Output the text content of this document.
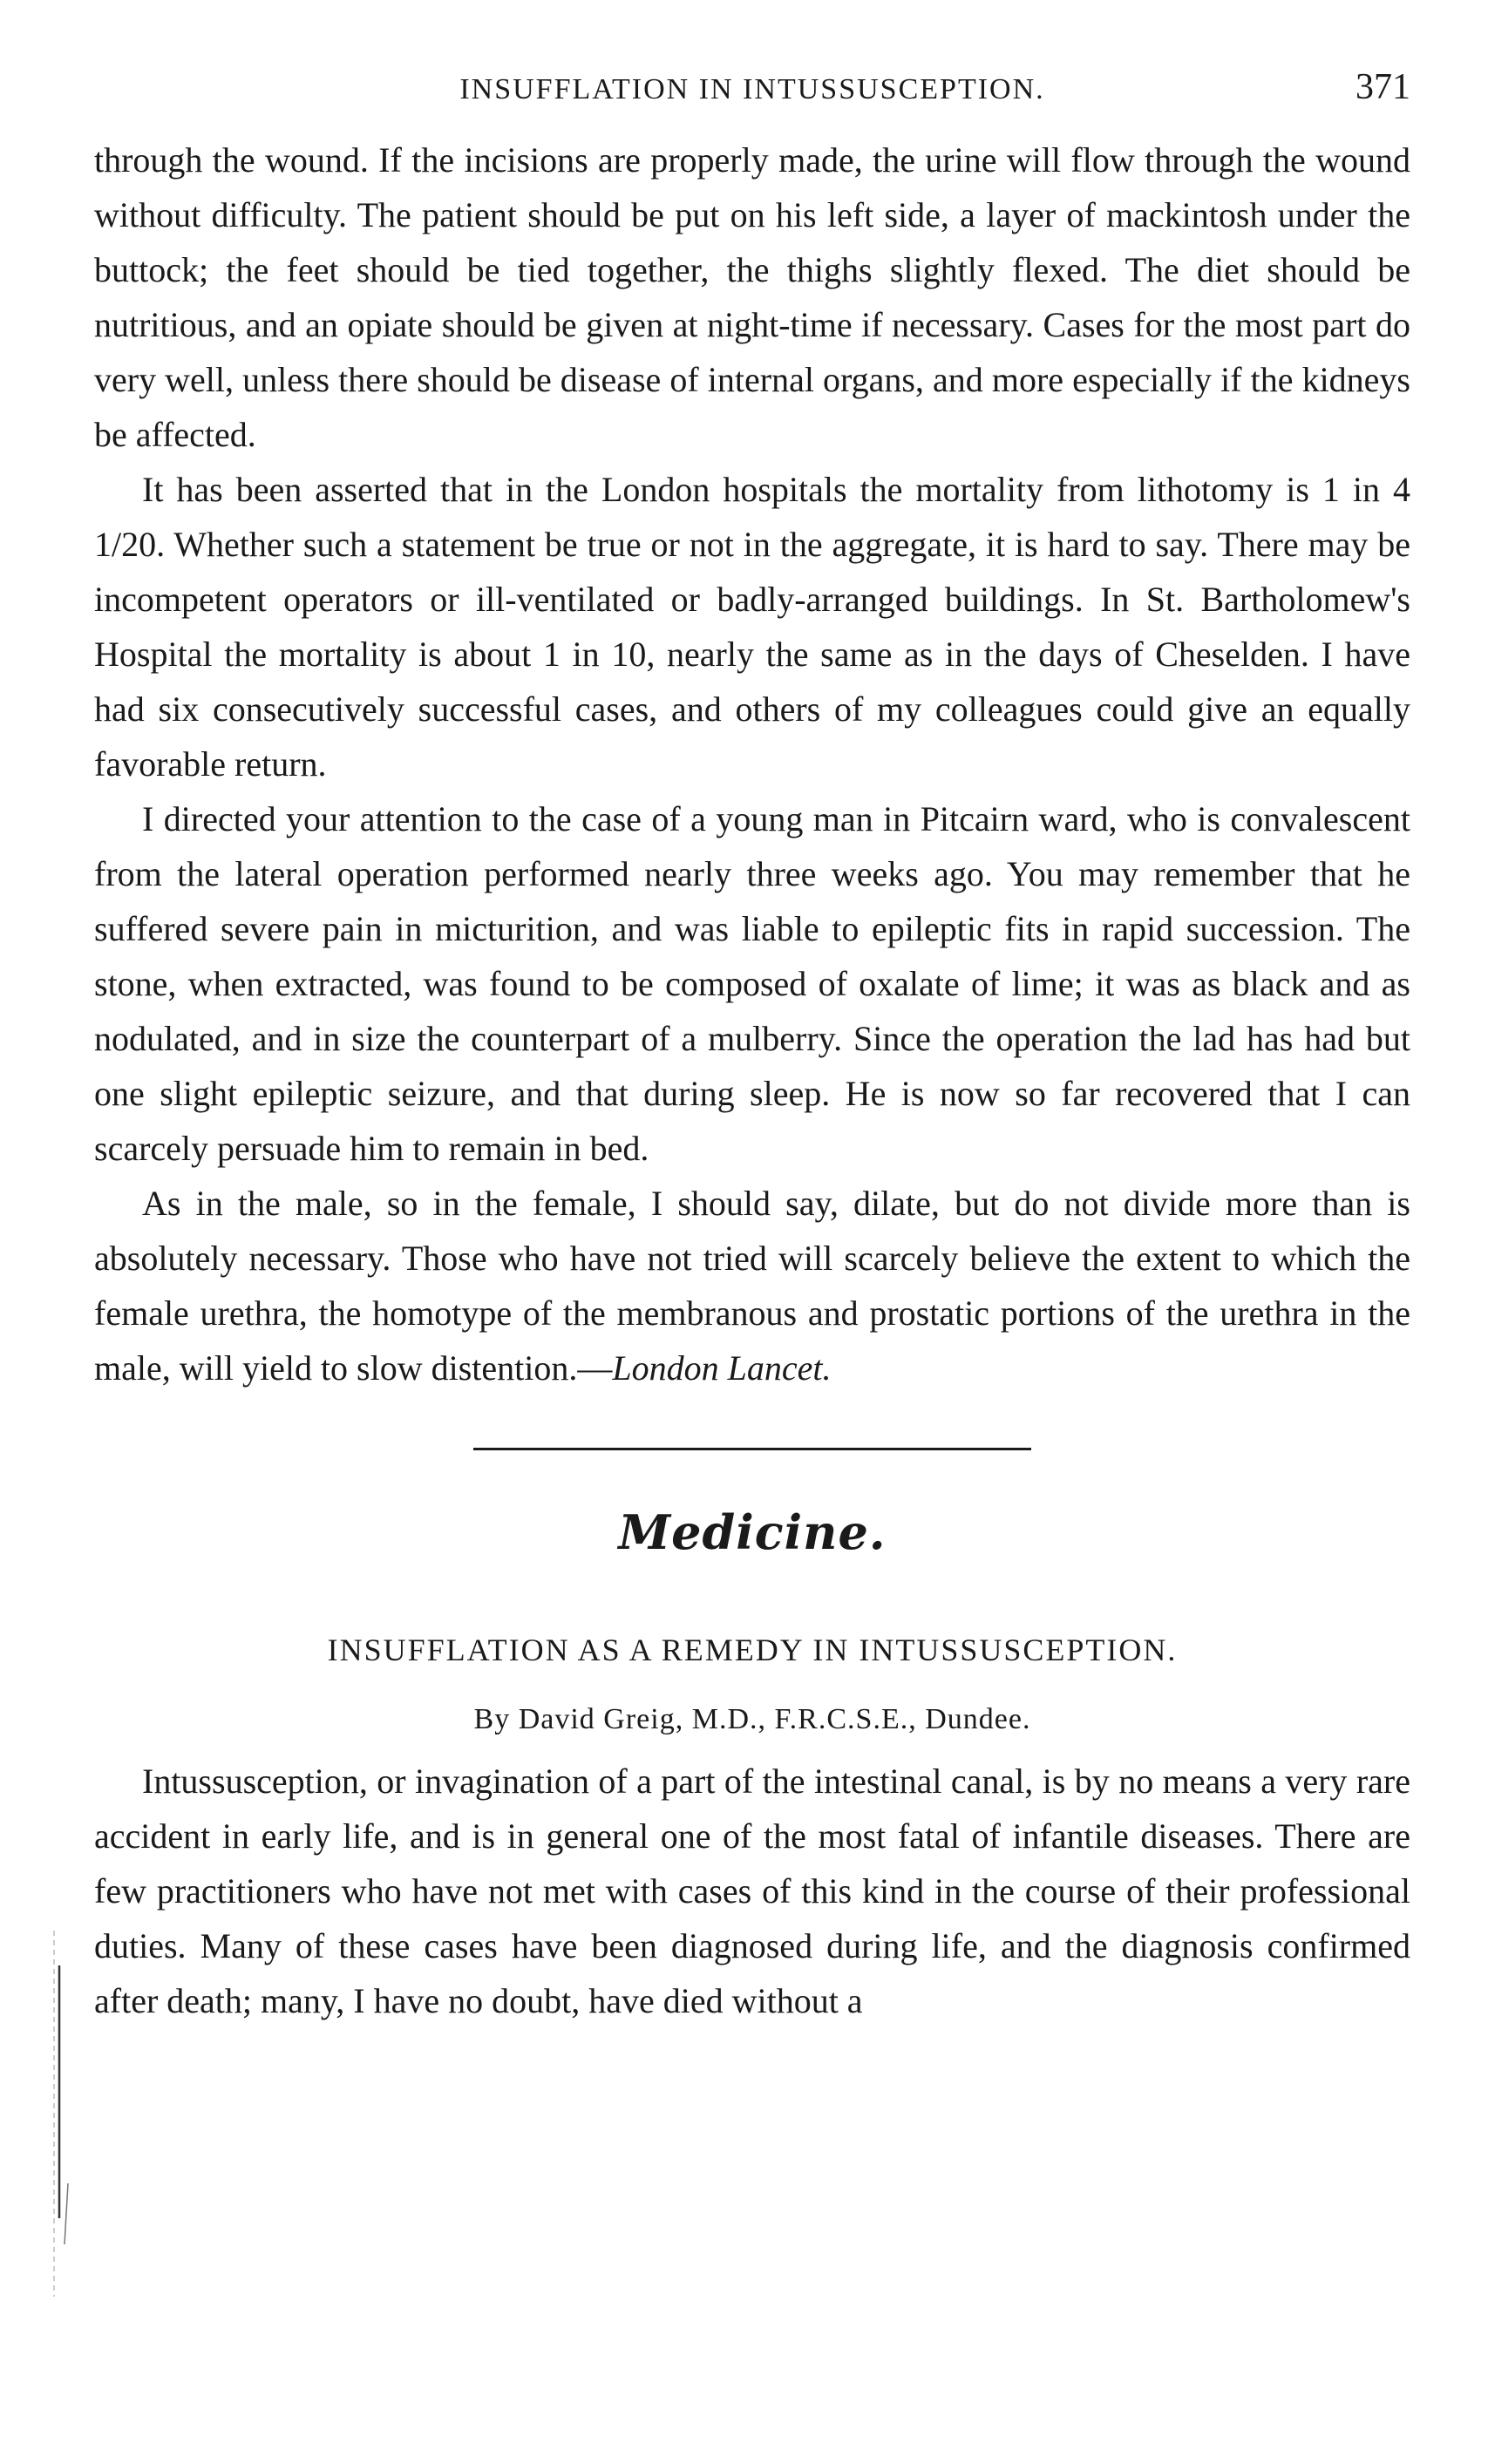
INSUFFLATION IN INTUSSUSCEPTION.	371

through the wound. If the incisions are properly made, the urine will flow through the wound without difficulty. The patient should be put on his left side, a layer of mackintosh under the buttock; the feet should be tied together, the thighs slightly flexed. The diet should be nutritious, and an opiate should be given at night-time if necessary. Cases for the most part do very well, unless there should be disease of internal organs, and more especially if the kidneys be affected.

It has been asserted that in the London hospitals the mortality from lithotomy is 1 in 4 1/20. Whether such a statement be true or not in the aggregate, it is hard to say. There may be incompetent operators or ill-ventilated or badly-arranged buildings. In St. Bartholomew's Hospital the mortality is about 1 in 10, nearly the same as in the days of Cheselden. I have had six consecutively successful cases, and others of my colleagues could give an equally favorable return.

I directed your attention to the case of a young man in Pitcairn ward, who is convalescent from the lateral operation performed nearly three weeks ago. You may remember that he suffered severe pain in micturition, and was liable to epileptic fits in rapid succession. The stone, when extracted, was found to be composed of oxalate of lime; it was as black and as nodulated, and in size the counterpart of a mulberry. Since the operation the lad has had but one slight epileptic seizure, and that during sleep. He is now so far recovered that I can scarcely persuade him to remain in bed.

As in the male, so in the female, I should say, dilate, but do not divide more than is absolutely necessary. Those who have not tried will scarcely believe the extent to which the female urethra, the homotype of the membranous and prostatic portions of the urethra in the male, will yield to slow distention.—London Lancet.

Medicine.
INSUFFLATION AS A REMEDY IN INTUSSUSCEPTION.
By David Greig, M.D., F.R.C.S.E., Dundee.

Intussusception, or invagination of a part of the intestinal canal, is by no means a very rare accident in early life, and is in general one of the most fatal of infantile diseases. There are few practitioners who have not met with cases of this kind in the course of their professional duties. Many of these cases have been diagnosed during life, and the diagnosis confirmed after death; many, I have no doubt, have died without a
